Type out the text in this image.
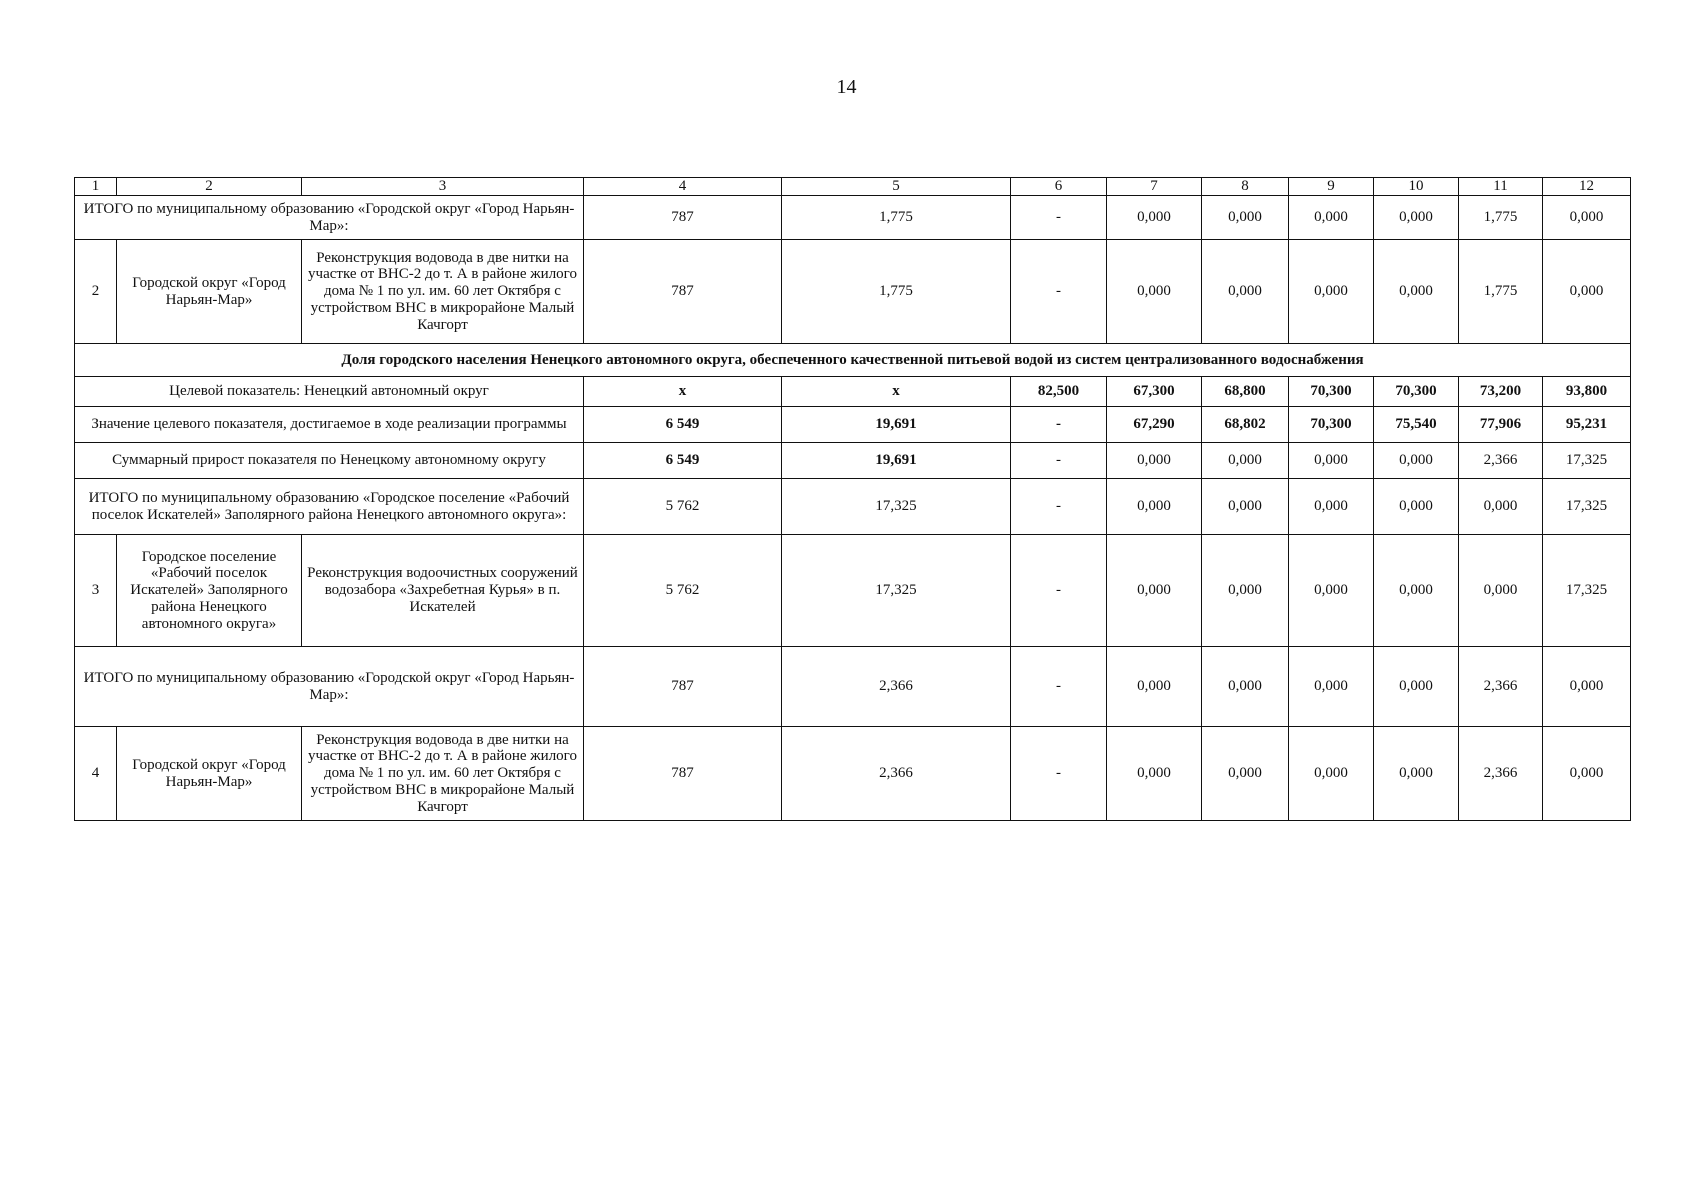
14
1	2	3	4	5	6	7	8	9	10	11	12
ИТОГО по муниципальному образованию «Городской округ «Город Нарьян-Мар»:			787	1,775	-	0,000	0,000	0,000	0,000	1,775	0,000
2	Городской округ «Город Нарьян-Мар»	Реконструкция водовода в две нитки на участке от ВНС-2 до т. А в районе жилого дома № 1 по ул. им. 60 лет Октября с устройством ВНС в микрорайоне Малый Качгорт	787	1,775	-	0,000	0,000	0,000	0,000	1,775	0,000
Доля городского населения Ненецкого автономного округа, обеспеченного качественной питьевой водой из систем централизованного водоснабжения											
Целевой показатель: Ненецкий автономный округ			x	x	82,500	67,300	68,800	70,300	70,300	73,200	93,800
Значение целевого показателя, достигаемое в ходе реализации программы			6 549	19,691	-	67,290	68,802	70,300	75,540	77,906	95,231
Суммарный прирост показателя по Ненецкому автономному округу			6 549	19,691	-	0,000	0,000	0,000	0,000	2,366	17,325
ИТОГО по муниципальному образованию «Городское поселение «Рабочий поселок Искателей» Заполярного района Ненецкого автономного округа»:			5 762	17,325	-	0,000	0,000	0,000	0,000	0,000	17,325
3	Городское поселение «Рабочий поселок Искателей» Заполярного района Ненецкого автономного округа»	Реконструкция водоочистных сооружений водозабора «Захребетная Курья» в п. Искателей	5 762	17,325	-	0,000	0,000	0,000	0,000	0,000	17,325
ИТОГО по муниципальному образованию «Городской округ «Город Нарьян-Мар»:			787	2,366	-	0,000	0,000	0,000	0,000	2,366	0,000
4	Городской округ «Город Нарьян-Мар»	Реконструкция водовода в две нитки на участке от ВНС-2 до т. А в районе жилого дома № 1 по ул. им. 60 лет Октября с устройством ВНС в микрорайоне Малый Качгорт	787	2,366	-	0,000	0,000	0,000	0,000	2,366	0,000
